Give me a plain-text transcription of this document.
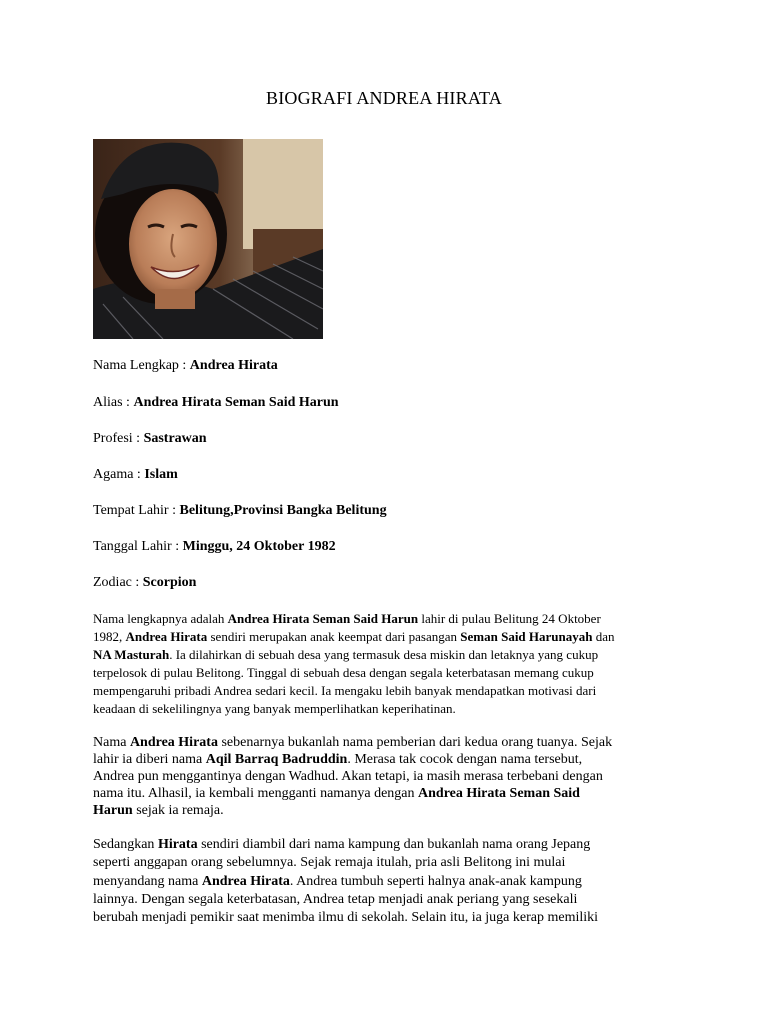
BIOGRAFI ANDREA HIRATA
Nama Lengkap : Andrea Hirata
Alias : Andrea Hirata Seman Said Harun
Profesi : Sastrawan
Agama : Islam
Tempat Lahir : Belitung,Provinsi Bangka Belitung
Tanggal Lahir : Minggu, 24 Oktober 1982
Zodiac : Scorpion
Nama lengkapnya adalah Andrea Hirata Seman Said Harun lahir di pulau Belitung 24 Oktober
1982, Andrea Hirata sendiri merupakan anak keempat dari pasangan Seman Said Harunayah dan
NA Masturah. Ia dilahirkan di sebuah desa yang termasuk desa miskin dan letaknya yang cukup
terpelosok di pulau Belitong. Tinggal di sebuah desa dengan segala keterbatasan memang cukup
mempengaruhi pribadi Andrea sedari kecil. Ia mengaku lebih banyak mendapatkan motivasi dari
keadaan di sekelilingnya yang banyak memperlihatkan keperihatinan.
Nama Andrea Hirata sebenarnya bukanlah nama pemberian dari kedua orang tuanya. Sejak
lahir ia diberi nama Aqil Barraq Badruddin. Merasa tak cocok dengan nama tersebut,
Andrea pun menggantinya dengan Wadhud. Akan tetapi, ia masih merasa terbebani dengan
nama itu. Alhasil, ia kembali mengganti namanya dengan Andrea Hirata Seman Said
Harun sejak ia remaja.
Sedangkan Hirata sendiri diambil dari nama kampung dan bukanlah nama orang Jepang
seperti anggapan orang sebelumnya. Sejak remaja itulah, pria asli Belitong ini mulai
menyandang nama Andrea Hirata. Andrea tumbuh seperti halnya anak-anak kampung
lainnya. Dengan segala keterbatasan, Andrea tetap menjadi anak periang yang sesekali
berubah menjadi pemikir saat menimba ilmu di sekolah. Selain itu, ia juga kerap memiliki
